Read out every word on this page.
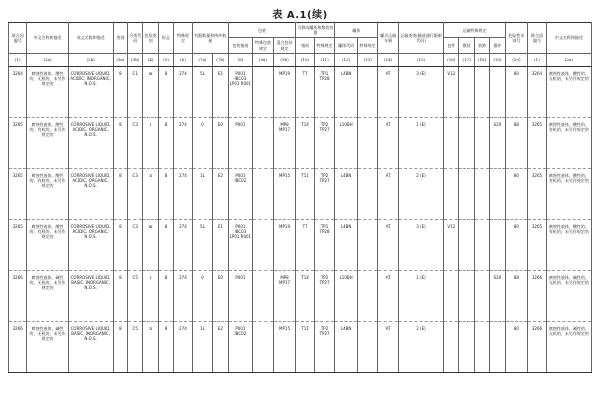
表 A.1(续)
联合国编号	中文名称和描述	英文名称和描述	类别	分类代码	包装类别	标志	特殊规定	有限数量和例外数量		包装			可移动罐柜和散装容器		罐体		罐式运输车辆	运输类别(隧道通行限制代码)	运输特殊规定				危险性识别号	联合国编号	中文名称和描述
										包装指南	特殊包装规定	混合包装规定	指南	特殊规定	罐体代码	特殊规定			包件	散装	装卸	操作			
(1)	(2a)	(2b)	(3a)	(3b)	(4)	(5)	(6)	(7a)	(7b)	(8)	(9a)	(9b)	(10)	(11)	(12)	(13)	(14)	(15)	(16)	(17)	(18)	(19)	(20)	(1)	(2a)
3264	腐蚀性液体，酸性的，无机的，未另作规定的	CORROSIVE LIQUID, ACIDIC, INORGANIC, N.O.S.	8	C1	Ⅲ	8	274	5L	E1	P001 IBC03 LP01 R001		MP19	T7	TP1 TP28	L4BN		AT	3 (E)	V12				80	3264	腐蚀性液体，酸性的，无机的，未另作规定的
3265	腐蚀性液体，酸性的，有机的，未另作规定的	CORROSIVE LIQUID, ACIDIC, ORGANIC, N.O.S.	8	C3	Ⅰ	8	274	0	E0	P001		MP8 MP17	T14	TP2 TP27	L10BH		AT	1 (E)				S20	88	3265	腐蚀性液体，酸性的，有机的，未另作规定的
3265	腐蚀性液体，酸性的，有机的，未另作规定的	CORROSIVE LIQUID, ACIDIC, ORGANIC, N.O.S.	8	C3	Ⅱ	8	274	1L	E2	P001 IBC02		MP15	T11	TP2 TP27	L4BN		AT	2 (E)					80	3265	腐蚀性液体，酸性的，有机的，未另作规定的
3265	腐蚀性液体，酸性的，有机的，未另作规定的	CORROSIVE LIQUID, ACIDIC, ORGANIC, N.O.S.	8	C3	Ⅲ	8	274	5L	E1	P001 IBC03 LP01 R001		MP19	T7	TP1 TP28	L4BN		AT	3 (E)	V12				80	3265	腐蚀性液体，酸性的，有机的，未另作规定的
3266	腐蚀性液体，碱性的，无机的，未另作规定的	CORROSIVE LIQUID, BASIC, INORGANIC, N.O.S.	8	C5	Ⅰ	8	274	0	E0	P001		MP8 MP17	T14	TP2 TP27	L10BH		AT	1 (E)				S20	88	3266	腐蚀性液体，碱性的，无机的，未另作规定的
3266	腐蚀性液体，碱性的，无机的，未另作规定的	CORROSIVE LIQUID, BASIC, INORGANIC, N.O.S.	8	C5	Ⅱ	8	274	1L	E2	P001 IBC02		MP15	T11	TP2 TP27	L4BN		AT	2 (E)					80	3266	腐蚀性液体，碱性的，无机的，未另作规定的
